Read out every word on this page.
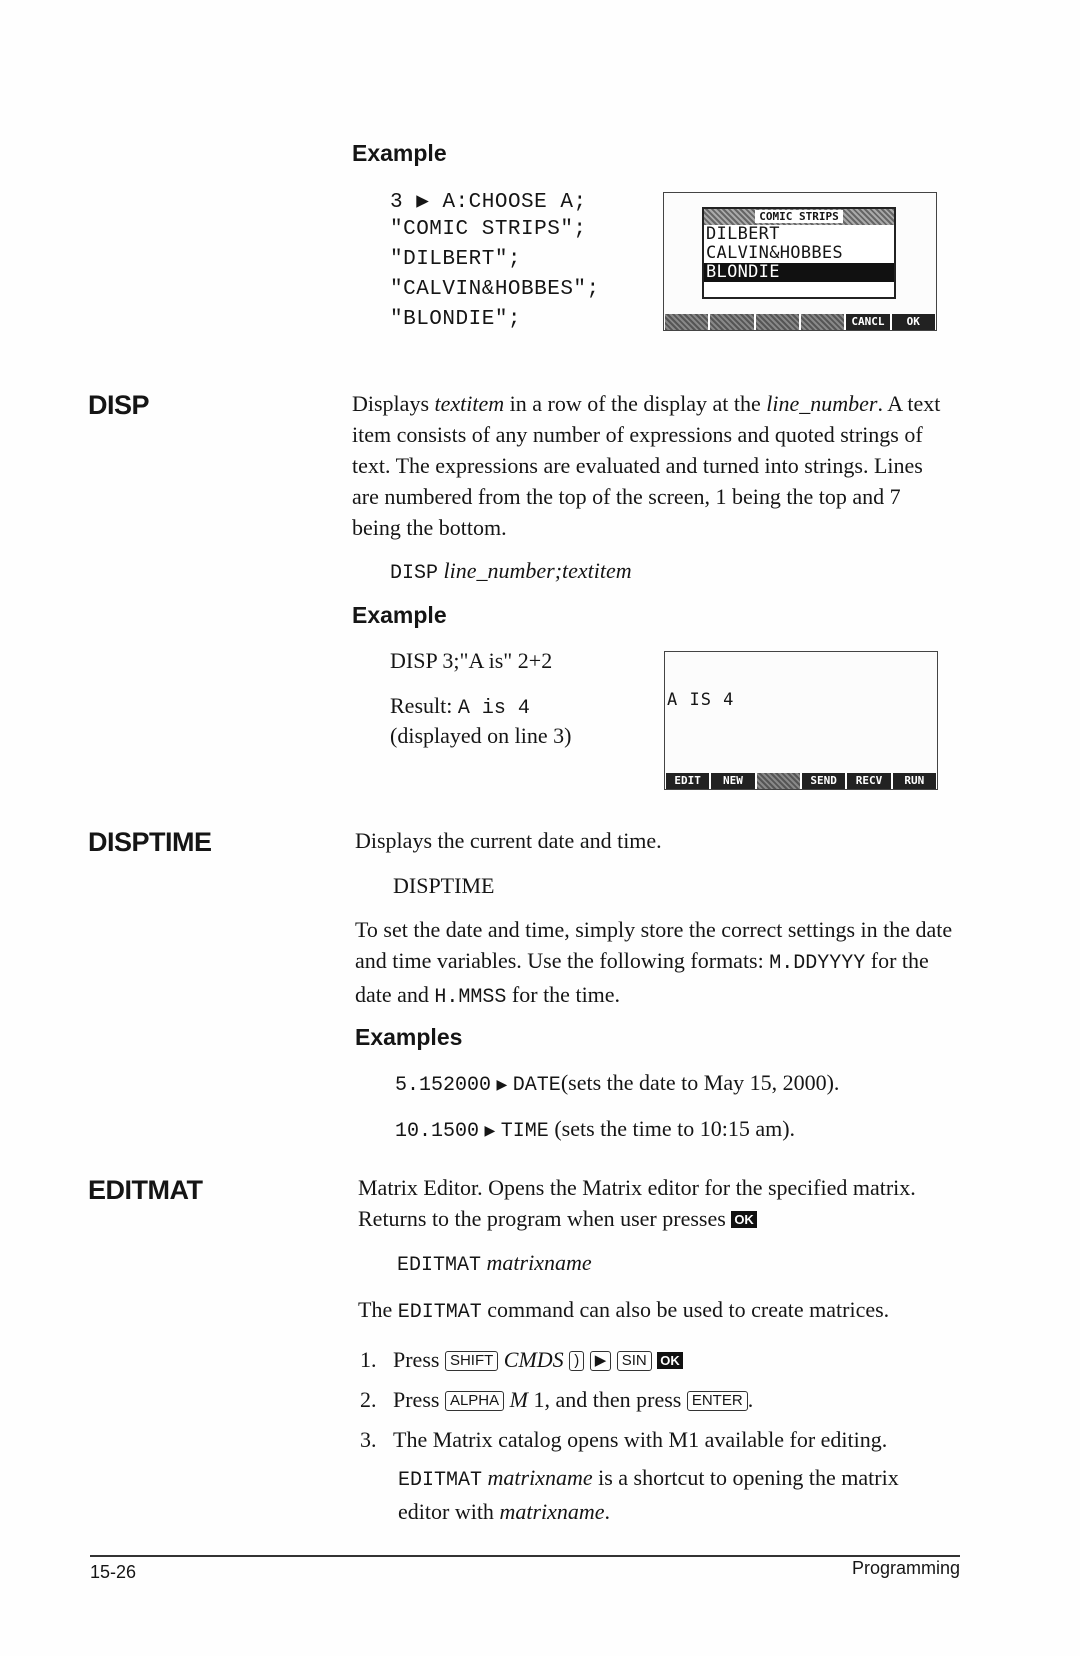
Example
3 ▶ A:CHOOSE A;
"COMIC STRIPS";
"DILBERT";
"CALVIN&HOBBES";
"BLONDIE";
COMIC STRIPS
DILBERT
CALVIN&HOBBES
BLONDIE
CANCL	OK
DISP	Displays textitem in a row of the display at the line_number. A text item consists of any number of expressions and quoted strings of text. The expressions are evaluated and turned into strings. Lines are numbered from the top of the screen, 1 being the top and 7 being the bottom.
DISP line_number;textitem
Example
DISP 3;"A is" 2+2
Result: A is 4
(displayed on line 3)
A IS 4
EDIT	NEW	SEND	RECV	RUN
DISPTIME	Displays the current date and time.
DISPTIME
To set the date and time, simply store the correct settings in the date and time variables. Use the following formats: M.DDYYYY for the date and H.MMSS for the time.
Examples
5.152000 ▶ DATE(sets the date to May 15, 2000).
10.1500 ▶ TIME (sets the time to 10:15 am).
EDITMAT	Matrix Editor. Opens the Matrix editor for the specified matrix. Returns to the program when user presses OK
EDITMAT matrixname
The EDITMAT command can also be used to create matrices.
1. Press SHIFT CMDS ) ▶ SIN OK
2. Press ALPHA M 1, and then press ENTER .
3. The Matrix catalog opens with M1 available for editing.
EDITMAT matrixname is a shortcut to opening the matrix editor with matrixname.
15-26	Programming
